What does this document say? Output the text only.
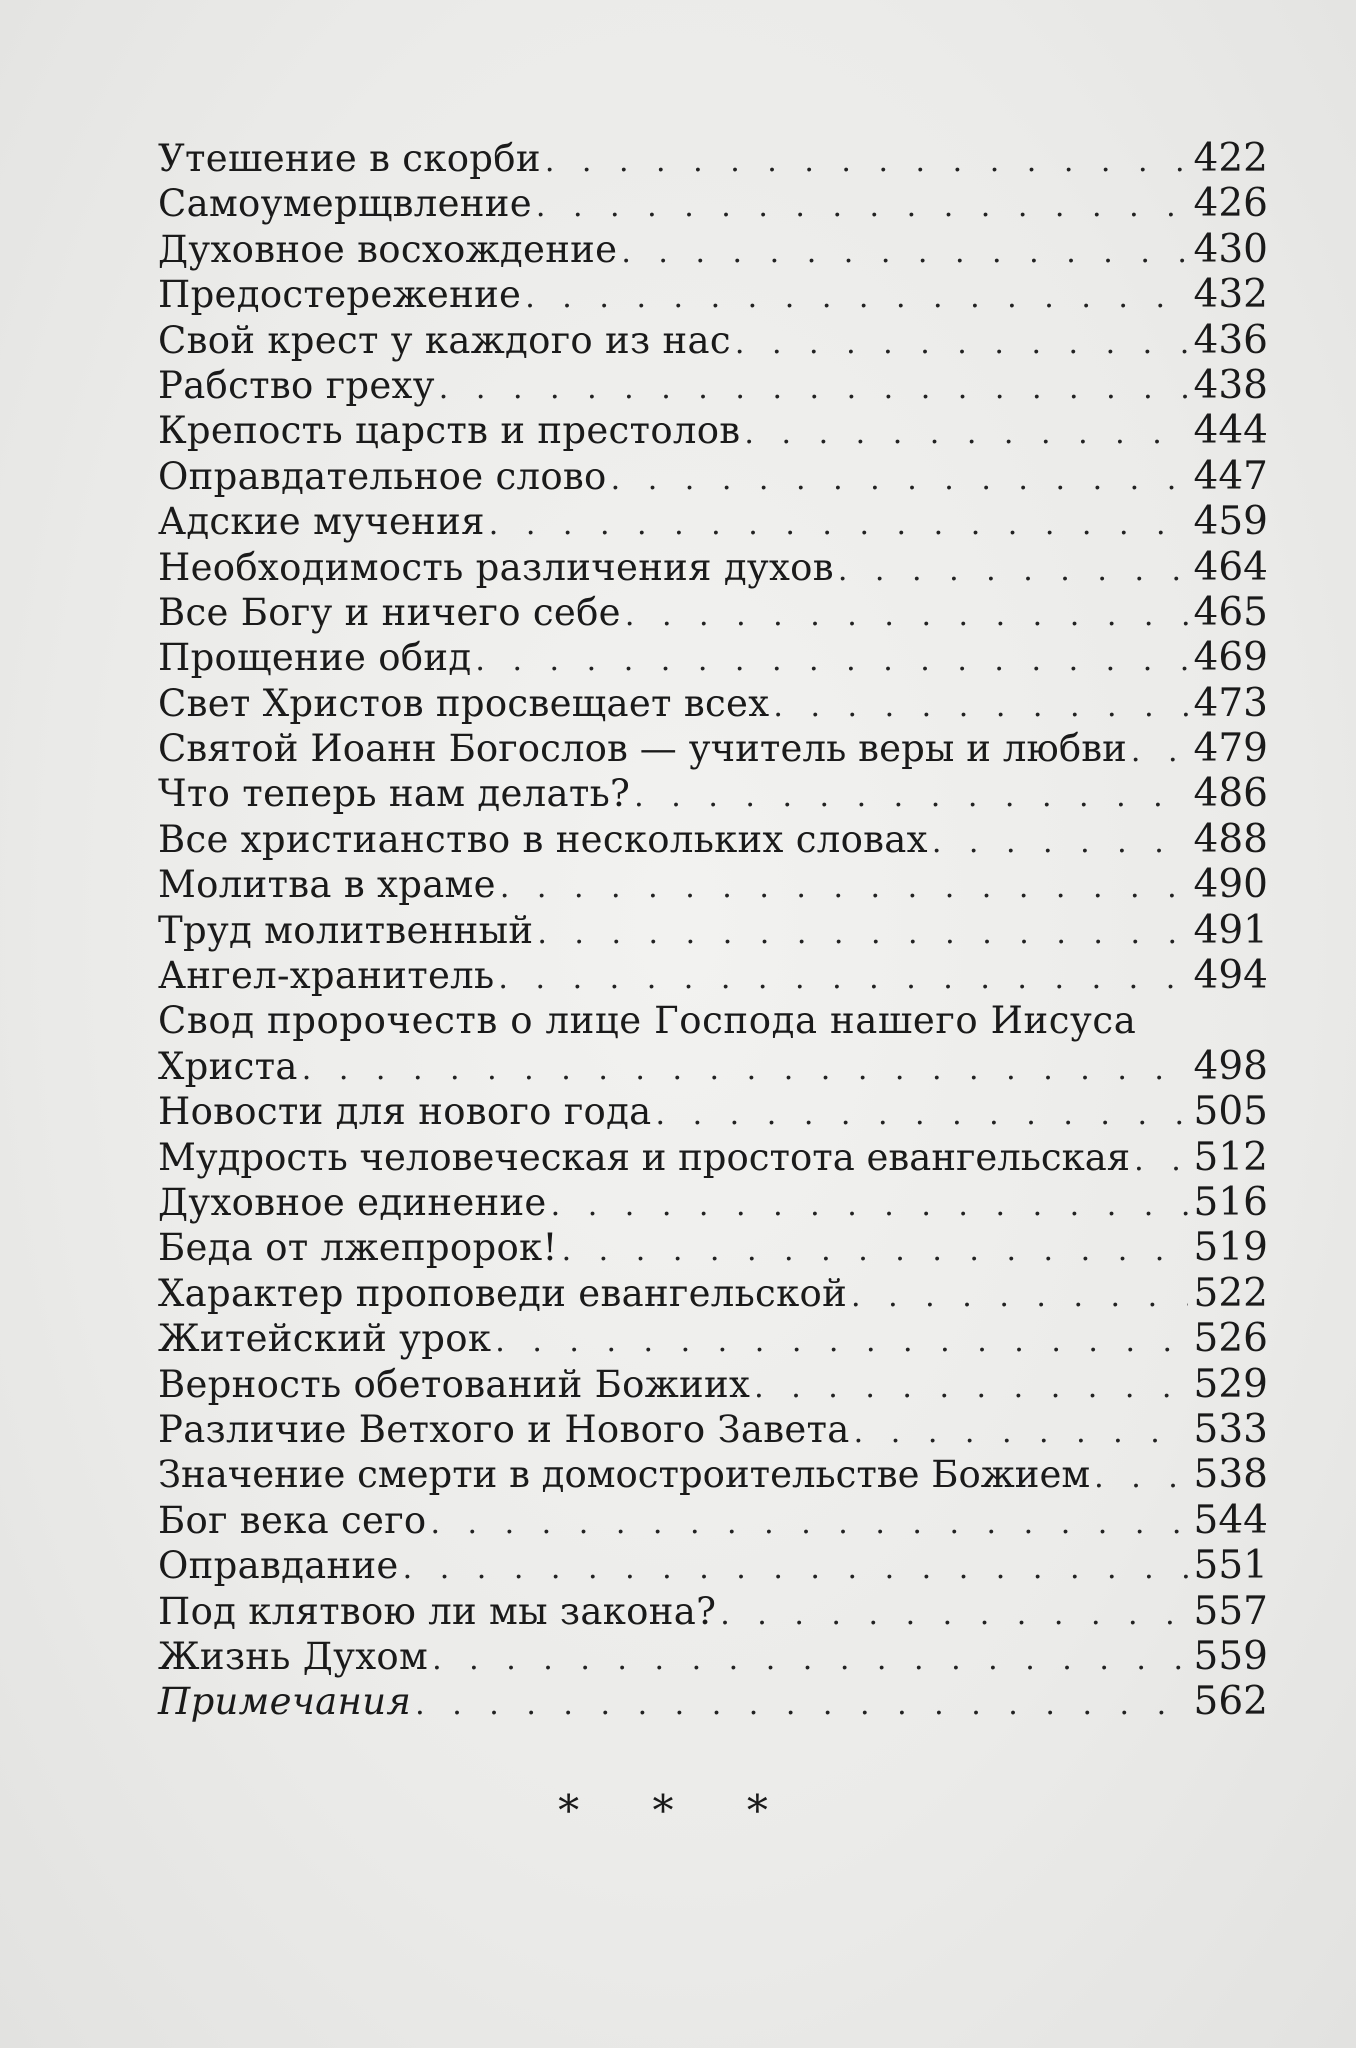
Утешение в скорби . . .	422
Самоумерщвление . . .	426
Духовное восхождение . . .	430
Предостережение . . .	432
Свой крест у каждого из нас . . .	436
Рабство греху . . .	438
Крепость царств и престолов . . .	444
Оправдательное слово . . .	447
Адские мучения . . .	459
Необходимость различения духов . . .	464
Все Богу и ничего себе . . .	465
Прощение обид . . .	469
Свет Христов просвещает всех . . .	473
Святой Иоанн Богослов — учитель веры и любви . . . 479
Что теперь нам делать? . . .	486
Все христианство в нескольких словах . . .	488
Молитва в храме . . .	490
Труд молитвенный . . .	491
Ангел-хранитель . . .	494
Свод пророчеств о лице Господа нашего Иисуса
Христа . . .	498
Новости для нового года . . .	505
Мудрость человеческая и простота евангельская . . . 512
Духовное единение . . .	516
Беда от лжепророк! . . .	519
Характер проповеди евангельской . . .	522
Житейский урок . . .	526
Верность обетований Божиих . . .	529
Различие Ветхого и Нового Завета . . .	533
Значение смерти в домостроительстве Божием . . .	538
Бог века сего . . .	544
Оправдание . . .	551
Под клятвою ли мы закона? . . .	557
Жизнь Духом . . .	559
Примечания . . .	562
* * *
